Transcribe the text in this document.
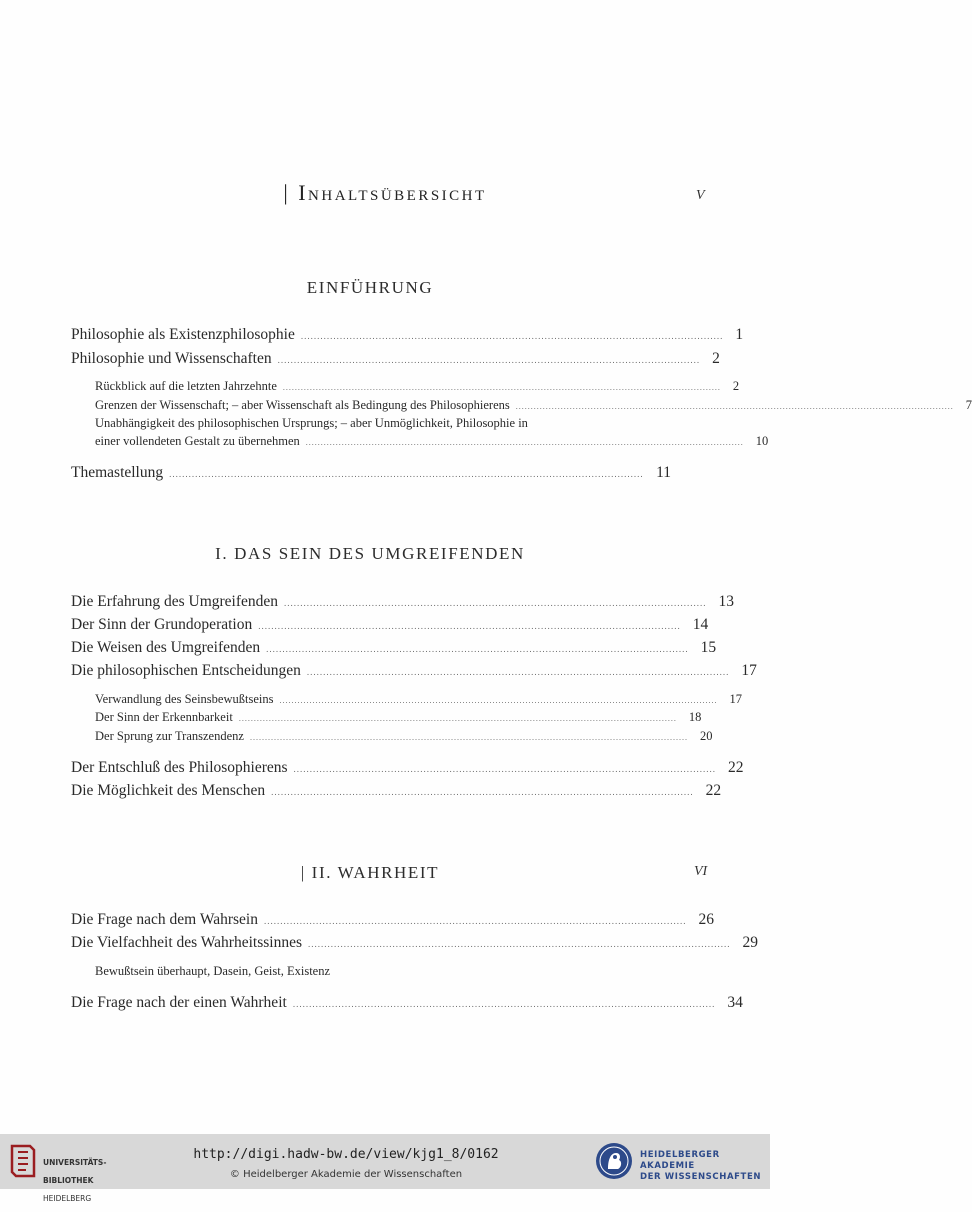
| Inhaltsübersicht	V
EINFÜHRUNG
Philosophie als Existenzphilosophie .................................................................................................................................. 1
Philosophie und Wissenschaften .................................................................................................................................. 2
Rückblick auf die letzten Jahrzehnte .................................................................................................................................................. 2
Grenzen der Wissenschaft; – aber Wissenschaft als Bedingung des Philosophierens .................................................................................................................................................. 7
Unabhängigkeit des philosophischen Ursprungs; – aber Unmöglichkeit, Philosophie in
einer vollendeten Gestalt zu übernehmen .................................................................................................................................................. 10
Themastellung .................................................................................................................................................. 11
I. DAS SEIN DES UMGREIFENDEN
Die Erfahrung des Umgreifenden .................................................................................................................................. 13
Der Sinn der Grundoperation .................................................................................................................................. 14
Die Weisen des Umgreifenden .................................................................................................................................. 15
Die philosophischen Entscheidungen .................................................................................................................................. 17
Verwandlung des Seinsbewußtseins .................................................................................................................................................. 17
Der Sinn der Erkennbarkeit .................................................................................................................................................. 18
Der Sprung zur Transzendenz .................................................................................................................................................. 20
Der Entschluß des Philosophierens .................................................................................................................................. 22
Die Möglichkeit des Menschen .................................................................................................................................. 22
| II. WAHRHEIT	VI
Die Frage nach dem Wahrsein .................................................................................................................................. 26
Die Vielfachheit des Wahrheitssinnes .................................................................................................................................. 29
Bewußtsein überhaupt, Dasein, Geist, Existenz
Die Frage nach der einen Wahrheit .................................................................................................................................. 34

UNIVERSITÄTS-

BIBLIOTHEK

HEIDELBERG

http://digi.hadw-bw.de/view/kjg1_8/0162
© Heidelberger Akademie der Wissenschaften
HEIDELBERGER AKADEMIE
DER WISSENSCHAFTEN
